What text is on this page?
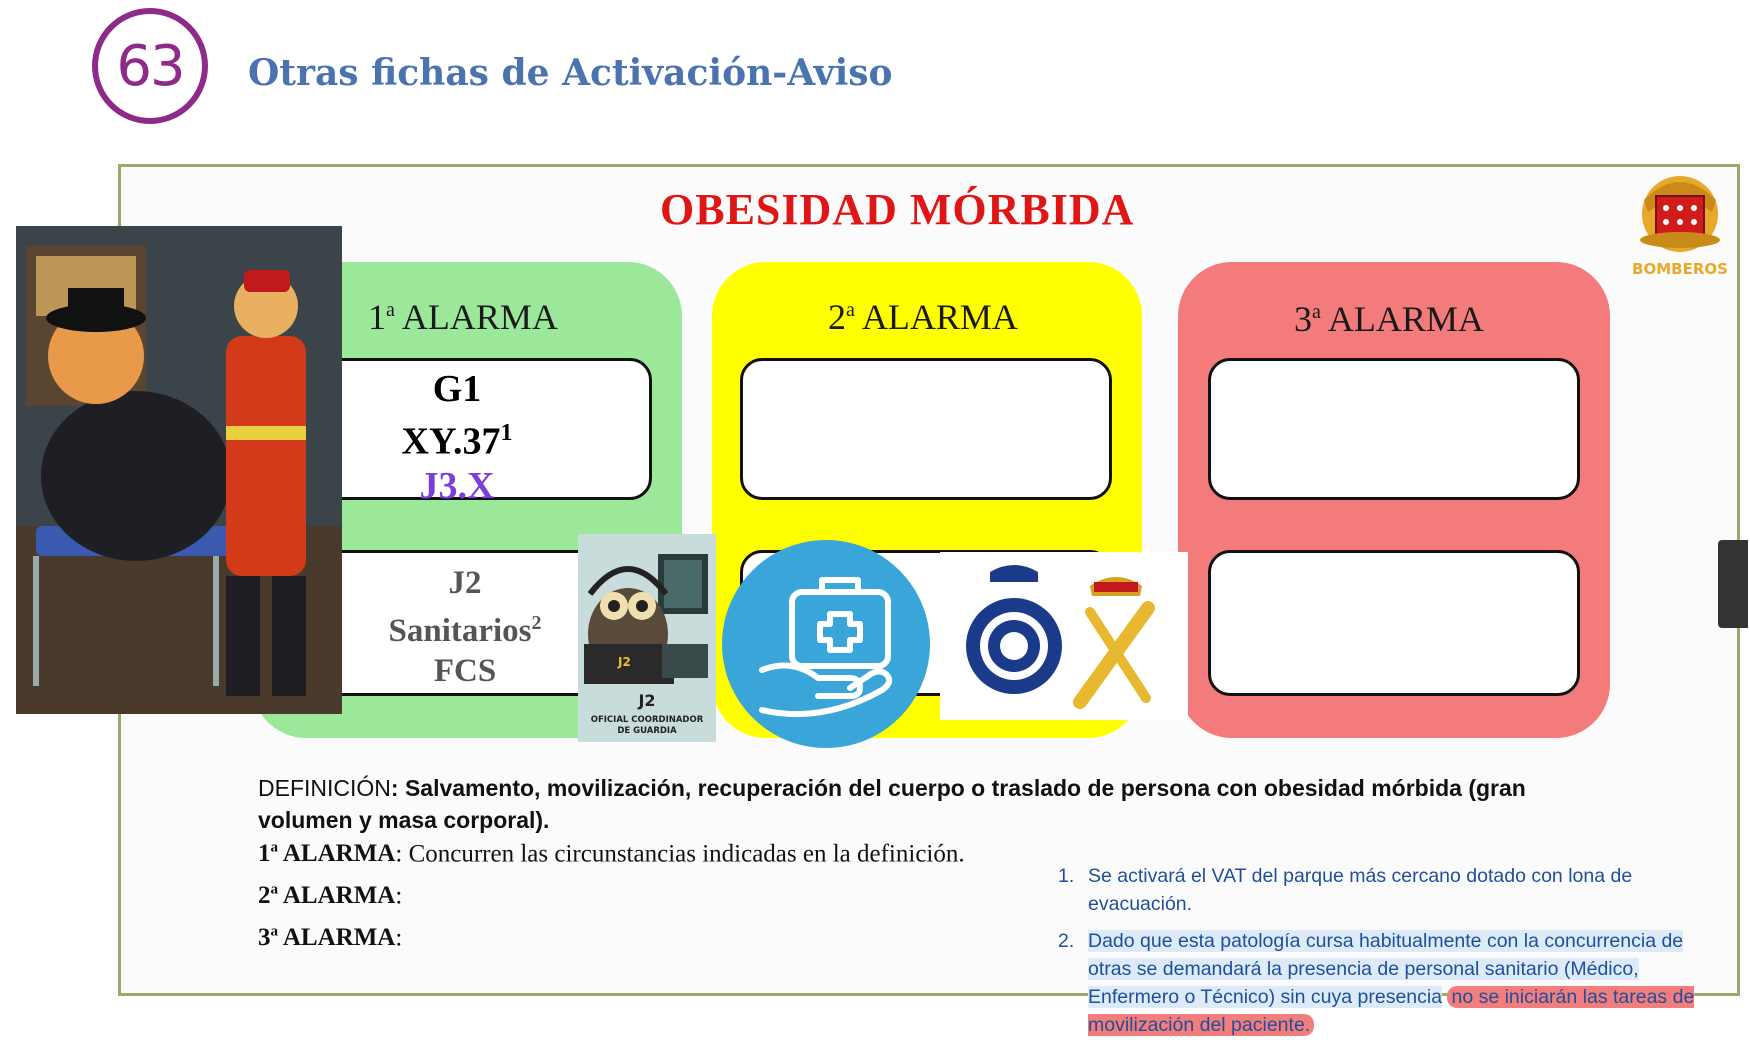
63 Otras fichas de Activación-Aviso
OBESIDAD MÓRBIDA
BOMBEROS
1$^a$ ALARMA	2$^a$ ALARMA	3$^a$ ALARMA
G1
$XY.37^1$
J3.X
J2
Sanitarios$^2$
FCS	J2
J2
OFICIAL COORDINADOR
DE GUARDIA
DEFINICIÓN: Salvamento, movilización, recuperación del cuerpo o traslado de persona con obesidad mórbida (gran volumen y masa corporal).
1$^a$ ALARMA: Concurren las circunstancias indicadas en la definición.
2$^a$ ALARMA:
3$^a$ ALARMA:
1. Se activará el VAT del parque más cercano dotado con lona de evacuación.
2. Dado que esta patología cursa habitualmente con la concurrencia de otras se demandará la presencia de personal sanitario (Médico, Enfermero o Técnico) sin cuya presencia no se iniciarán las tareas de movilización del paciente.
